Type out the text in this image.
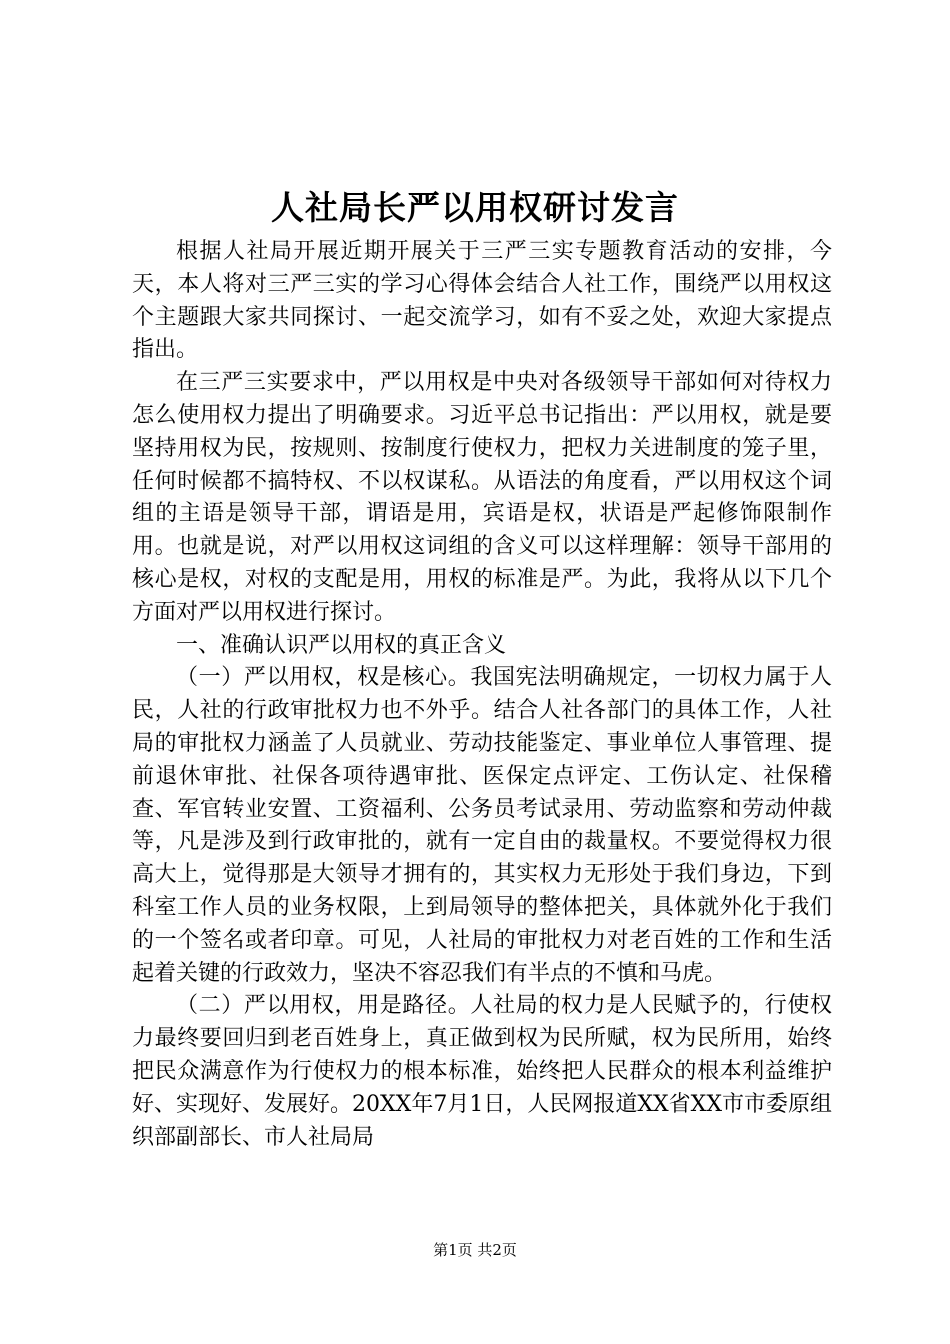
人社局长严以用权研讨发言

根据人社局开展近期开展关于三严三实专题教育活动的安排，今天，本人将对三严三实的学习心得体会结合人社工作，围绕严以用权这个主题跟大家共同探讨、一起交流学习，如有不妥之处，欢迎大家提点指出。

在三严三实要求中，严以用权是中央对各级领导干部如何对待权力怎么使用权力提出了明确要求。习近平总书记指出：严以用权，就是要坚持用权为民，按规则、按制度行使权力，把权力关进制度的笼子里，任何时候都不搞特权、不以权谋私。从语法的角度看，严以用权这个词组的主语是领导干部，谓语是用，宾语是权，状语是严起修饰限制作用。也就是说，对严以用权这词组的含义可以这样理解：领导干部用的核心是权，对权的支配是用，用权的标准是严。为此，我将从以下几个方面对严以用权进行探讨。

一、准确认识严以用权的真正含义

（一）严以用权，权是核心。我国宪法明确规定，一切权力属于人民，人社的行政审批权力也不外乎。结合人社各部门的具体工作，人社局的审批权力涵盖了人员就业、劳动技能鉴定、事业单位人事管理、提前退休审批、社保各项待遇审批、医保定点评定、工伤认定、社保稽查、军官转业安置、工资福利、公务员考试录用、劳动监察和劳动仲裁等，凡是涉及到行政审批的，就有一定自由的裁量权。不要觉得权力很高大上，觉得那是大领导才拥有的，其实权力无形处于我们身边，下到科室工作人员的业务权限，上到局领导的整体把关，具体就外化于我们的一个签名或者印章。可见，人社局的审批权力对老百姓的工作和生活起着关键的行政效力，坚决不容忍我们有半点的不慎和马虎。

（二）严以用权，用是路径。人社局的权力是人民赋予的，行使权力最终要回归到老百姓身上，真正做到权为民所赋，权为民所用，始终把民众满意作为行使权力的根本标准，始终把人民群众的根本利益维护好、实现好、发展好。20XX年7月1日，人民网报道XX省XX市市委原组织部副部长、市人社局局

第1页 共2页
